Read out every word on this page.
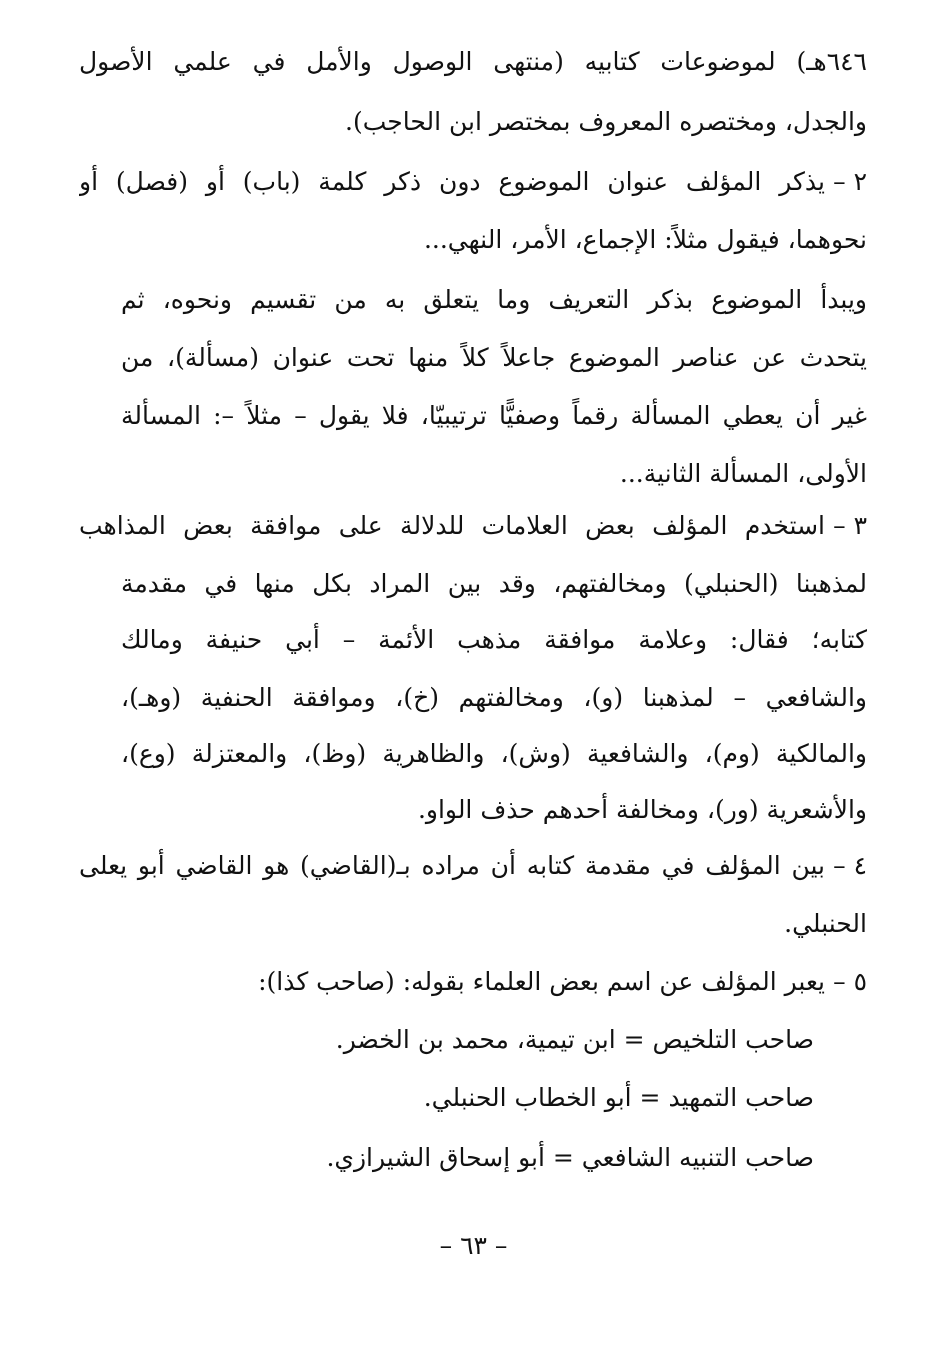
٦٤٦هـ) لموضوعات كتابيه (منتهى الوصول والأمل في علمي الأصول
والجدل، ومختصره المعروف بمختصر ابن الحاجب).
٢ –
يذكر المؤلف عنوان الموضوع دون ذكر كلمة (باب) أو (فصل) أو
نحوهما، فيقول مثلاً: الإجماع، الأمر، النهي...
ويبدأ الموضوع بذكر التعريف وما يتعلق به من تقسيم ونحوه، ثم
يتحدث عن عناصر الموضوع جاعلاً كلاً منها تحت عنوان (مسألة)، من
غير أن يعطي المسألة رقماً وصفيًّا ترتيبيّا، فلا يقول – مثلاً –: المسألة
الأولى، المسألة الثانية...
٣ –
استخدم المؤلف بعض العلامات للدلالة على موافقة بعض المذاهب
لمذهبنا (الحنبلي) ومخالفتهم، وقد بين المراد بكل منها في مقدمة
كتابه؛ فقال: وعلامة موافقة مذهب الأئمة – أبي حنيفة ومالك
والشافعي – لمذهبنا (و)، ومخالفتهم (خ)، وموافقة الحنفية (وهـ)،
والمالكية (وم)، والشافعية (وش)، والظاهرية (وظ)، والمعتزلة (وع)،
والأشعرية (ور)، ومخالفة أحدهم حذف الواو.
٤ –
بين المؤلف في مقدمة كتابه أن مراده بـ(القاضي) هو القاضي أبو يعلى
الحنبلي.
٥ –
يعبر المؤلف عن اسم بعض العلماء بقوله: (صاحب كذا):
صاحب التلخيص = ابن تيمية، محمد بن الخضر.
صاحب التمهيد = أبو الخطاب الحنبلي.
صاحب التنبيه الشافعي = أبو إسحاق الشيرازي.
– ٦٣ –
